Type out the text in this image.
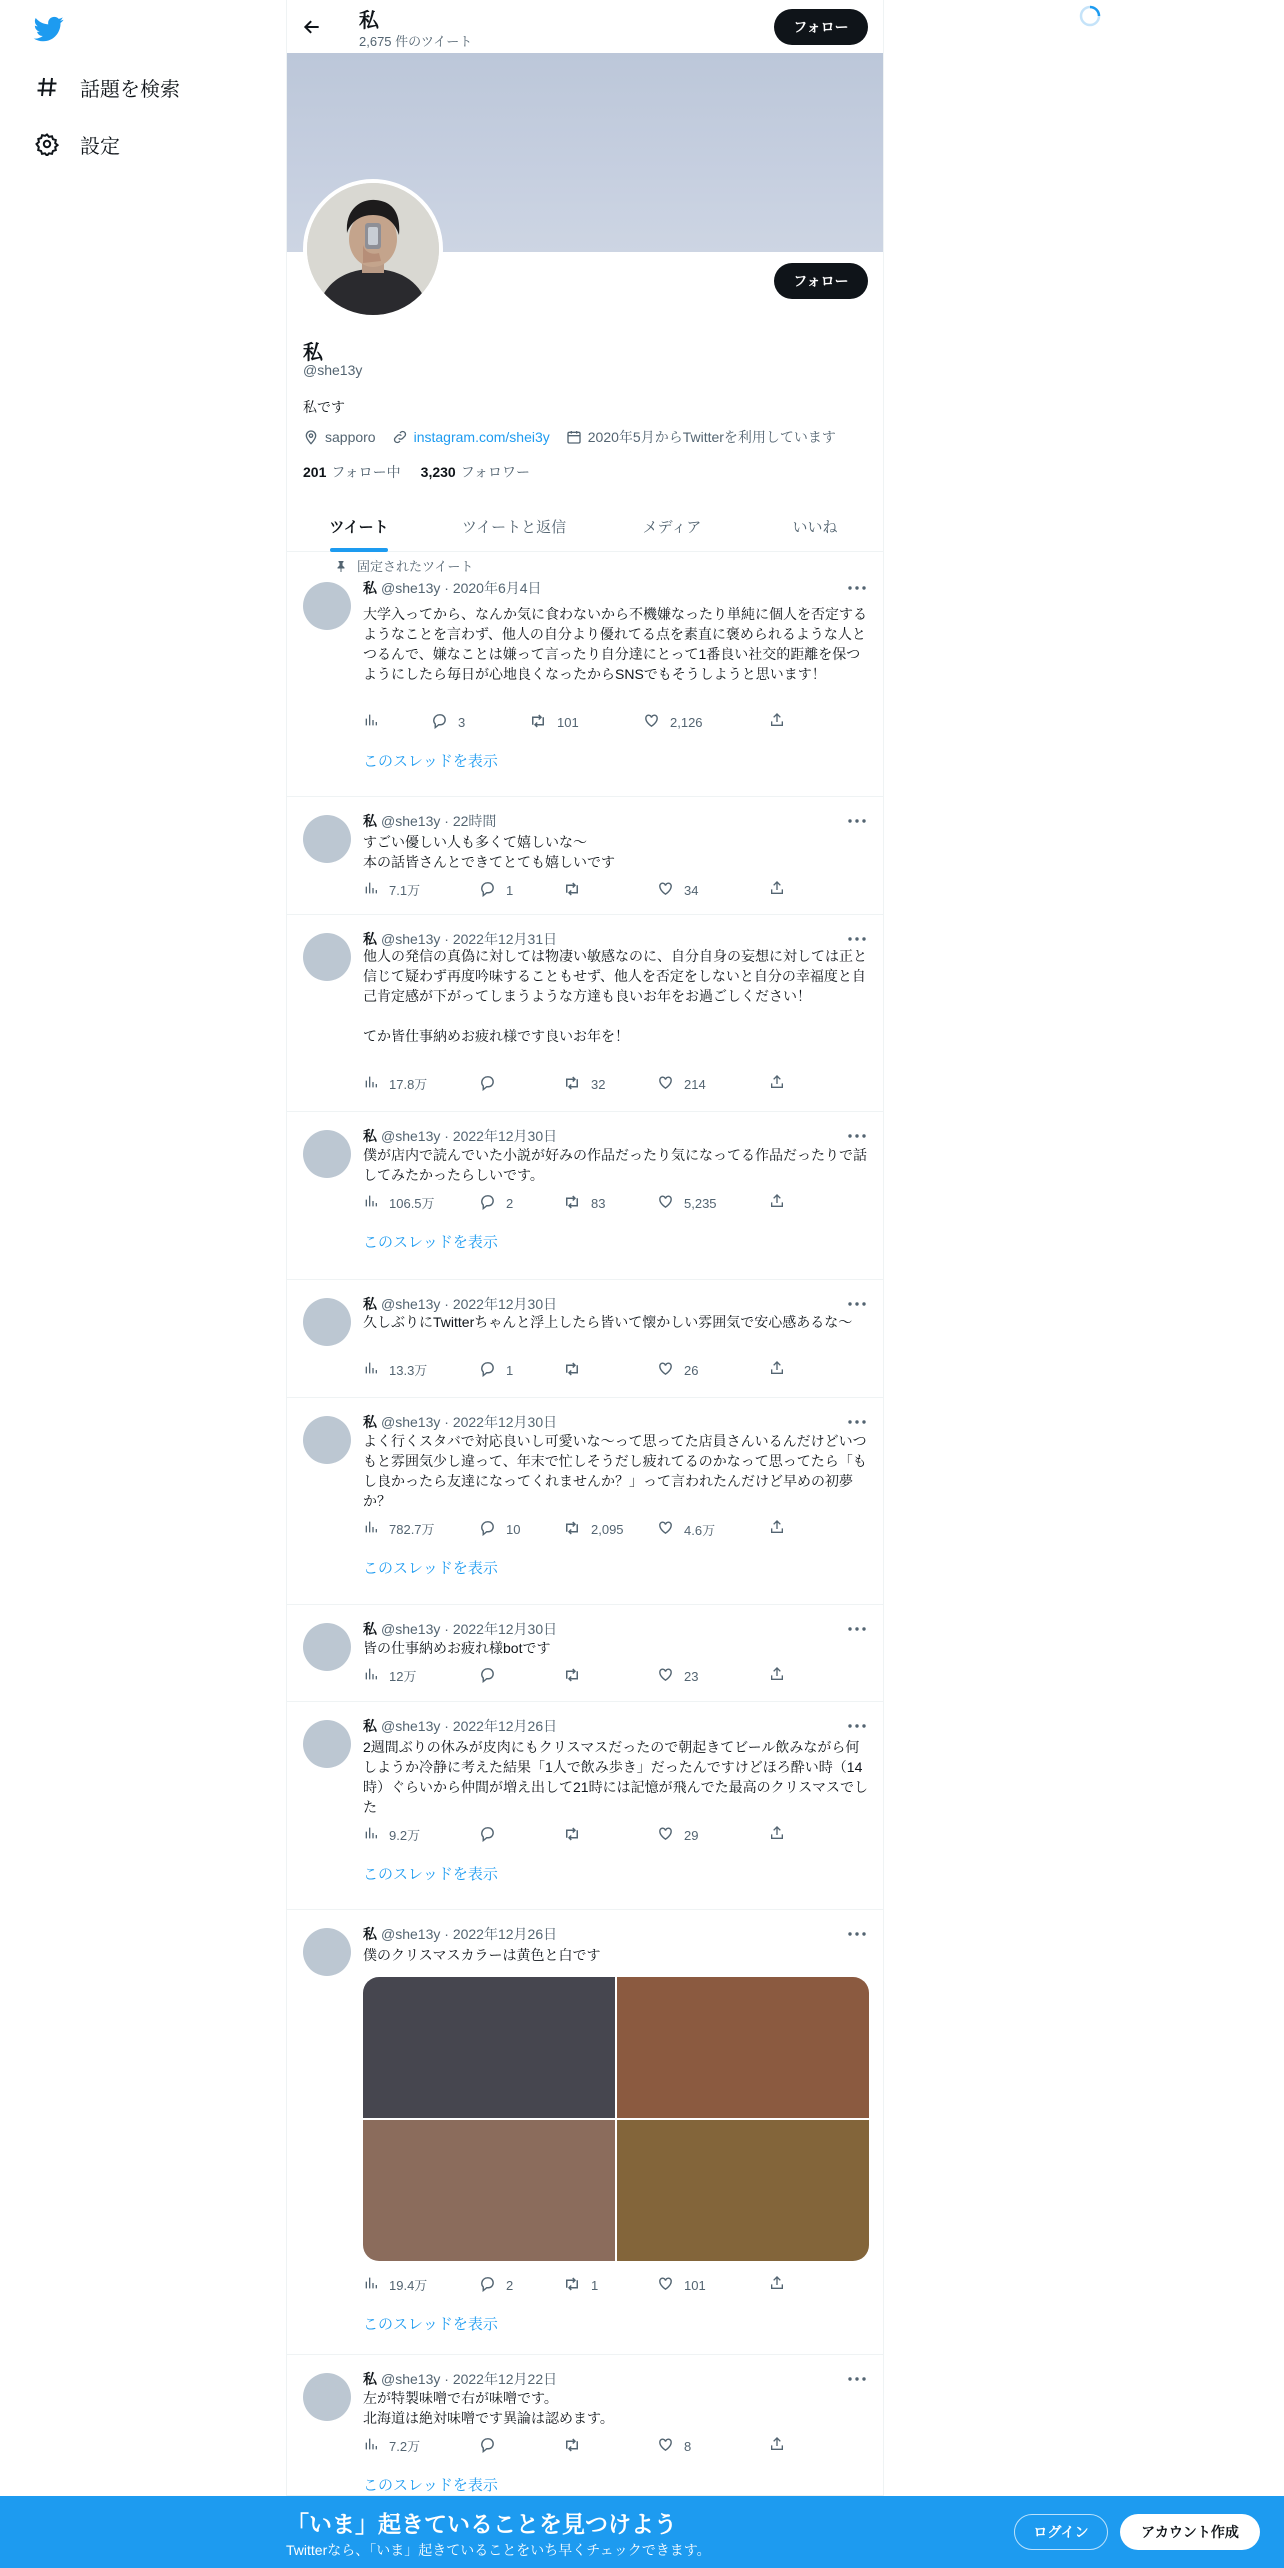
話題を検索
設定
私
2,675 件のツイート
フォロー
フォロー
私
@she13y
私です
sapporo	instagram.com/shei3y	2020年5月からTwitterを利用しています
201 フォロー中 3,230 フォロワー
ツイート	ツイートと返信	メディア	いいね
固定されたツイート
私 @she13y · 2020年6月4日
大学入ってから、なんか気に食わないから不機嫌なったり単純に個人を否定するようなことを言わず、他人の自分より優れてる点を素直に褒められるような人とつるんで、嫌なことは嫌って言ったり自分達にとって1番良い社交的距離を保つようにしたら毎日が心地良くなったからSNSでもそうしようと思います！
3	101	2,126
このスレッドを表示
私 @she13y · 22時間
すごい優しい人も多くて嬉しいな〜
本の話皆さんとできてとても嬉しいです
7.1万	1	34
私 @she13y · 2022年12月31日
他人の発信の真偽に対しては物凄い敏感なのに、自分自身の妄想に対しては正と信じて疑わず再度吟味することもせず、他人を否定をしないと自分の幸福度と自己肯定感が下がってしまうような方達も良いお年をお過ごしください！

てか皆仕事納めお疲れ様です良いお年を！
17.8万	32	214
私 @she13y · 2022年12月30日
僕が店内で読んでいた小説が好みの作品だったり気になってる作品だったりで話してみたかったらしいです。
106.5万	2	83	5,235
このスレッドを表示
私 @she13y · 2022年12月30日
久しぶりにTwitterちゃんと浮上したら皆いて懐かしい雰囲気で安心感あるな〜
13.3万	1	26
私 @she13y · 2022年12月30日
よく行くスタバで対応良いし可愛いな〜って思ってた店員さんいるんだけどいつもと雰囲気少し違って、年末で忙しそうだし疲れてるのかなって思ってたら「もし良かったら友達になってくれませんか？」って言われたんだけど早めの初夢か？
782.7万	10	2,095	4.6万
このスレッドを表示
私 @she13y · 2022年12月30日
皆の仕事納めお疲れ様botです
12万	23
私 @she13y · 2022年12月26日
2週間ぶりの休みが皮肉にもクリスマスだったので朝起きてビール飲みながら何しようか冷静に考えた結果「1人で飲み歩き」だったんですけどほろ酔い時（14時）ぐらいから仲間が増え出して21時には記憶が飛んでた最高のクリスマスでした
9.2万	29
このスレッドを表示
私 @she13y · 2022年12月26日
僕のクリスマスカラーは黄色と白です
19.4万	2	1	101
このスレッドを表示
私 @she13y · 2022年12月22日
左が特製味噌で右が味噌です。
北海道は絶対味噌です異論は認めます。
7.2万	8
このスレッドを表示
「いま」起きていることを見つけよう
Twitterなら、「いま」起きていることをいち早くチェックできます。
ログイン	アカウント作成
